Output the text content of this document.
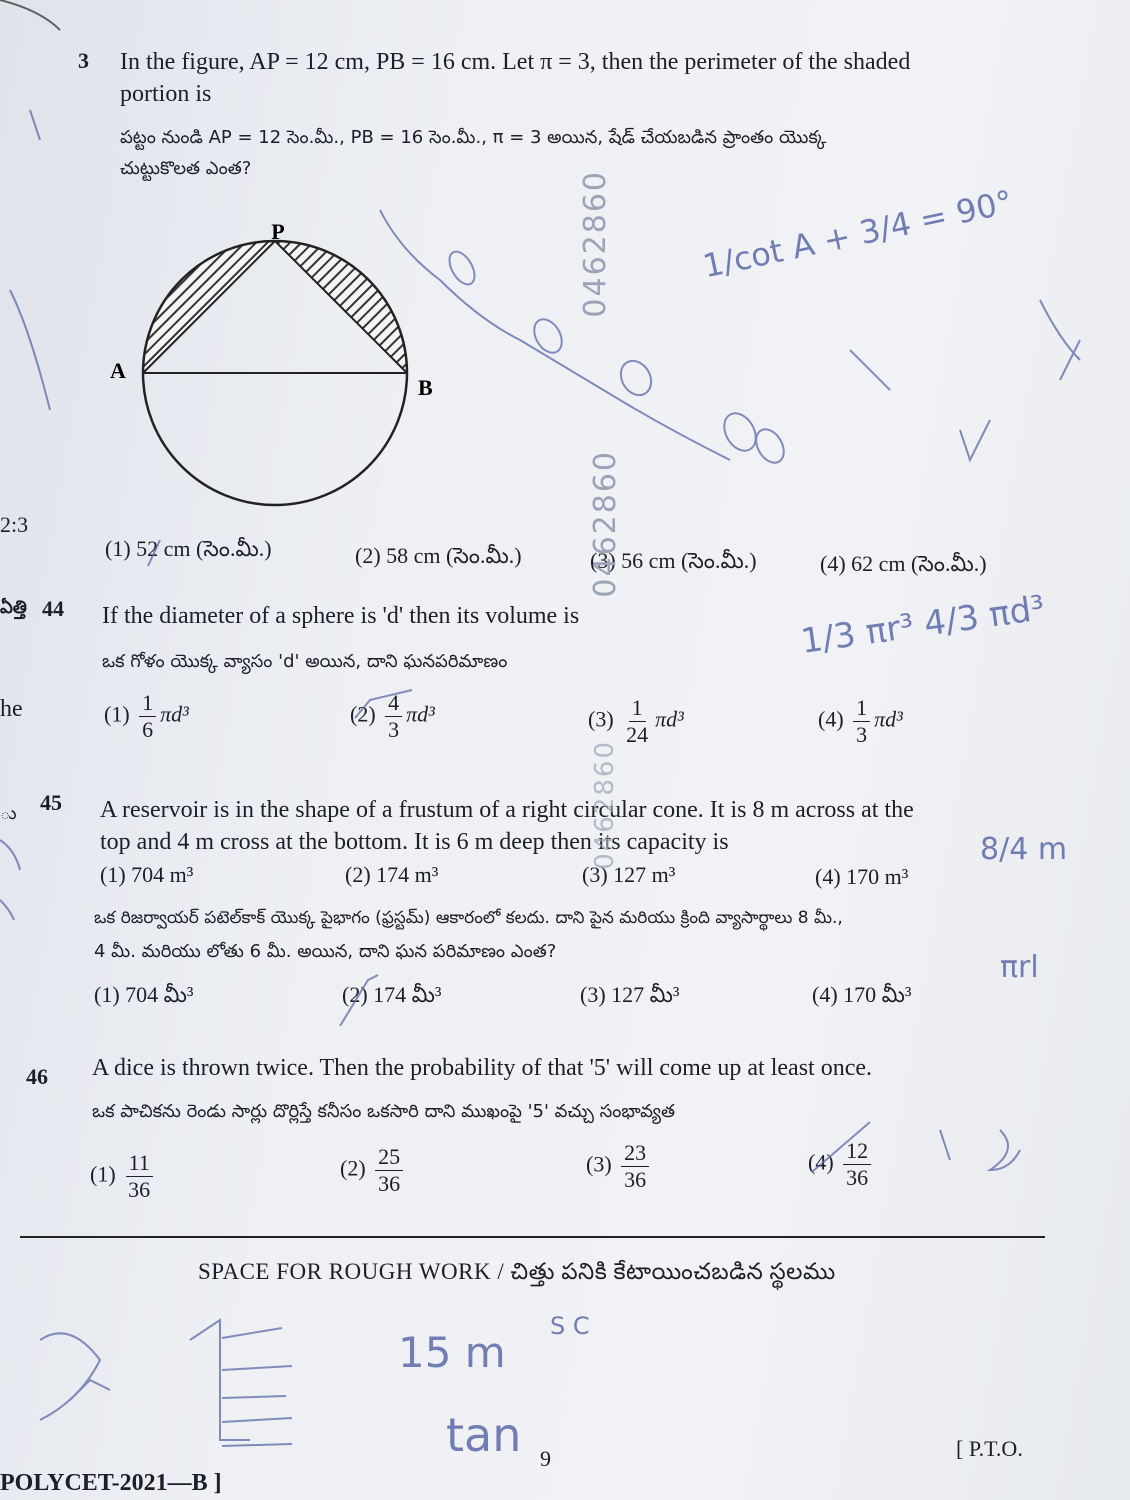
2:3
ఏత్తి
he
ు
3 In the figure, AP = 12 cm, PB = 16 cm. Let π = 3, then the perimeter of the shaded
portion is
పట్టం నుండి AP = 12 సెం.మీ., PB = 16 సెం.మీ., π = 3 అయిన, షేడ్ చేయబడిన ప్రాంతం యొక్క
చుట్టుకొలత ఎంత?
P
A
B
(1) 52 cm (సెం.మీ.)	(2) 58 cm (సెం.మీ.)	(3) 56 cm (సెం.మీ.)	(4) 62 cm (సెం.మీ.)
44 If the diameter of a sphere is 'd' then its volume is
ఒక గోళం యొక్క వ్యాసం 'd' అయిన, దాని ఘనపరిమాణం
$(1) \frac{1}{6} \pi d^3$	$(2) \frac{4}{3} \pi d^3$	$(3) \frac{1}{24} \pi d^3$	$(4) \frac{1}{3} \pi d^3$
45 A reservoir is in the shape of a frustum of a right circular cone. It is 8 m across at the
top and 4 m cross at the bottom. It is 6 m deep then its capacity is
(1) 704 m³	(2) 174 m³	(3) 127 m³	(4) 170 m³
ఒక రిజర్వాయర్ పటెల్‌కాక్ యొక్క పైభాగం (ఫ్రస్టమ్) ఆకారంలో కలదు. దాని పైన మరియు క్రింది వ్యాసార్థాలు 8 మీ.,
4 మీ. మరియు లోతు 6 మీ. అయిన, దాని ఘన పరిమాణం ఎంత?
(1) 704 మీ³	(2) 174 మీ³	(3) 127 మీ³	(4) 170 మీ³
46 A dice is thrown twice. Then the probability of that '5' will come up at least once.
ఒక పాచికను రెండు సార్లు దొర్లిస్తే కనీసం ఒకసారి దాని ముఖంపై '5' వచ్చు సంభావ్యత
$(1) \frac{11}{36}$	$(2) \frac{25}{36}$	$(3) \frac{23}{36}$	$(4) \frac{12}{36}$
SPACE FOR ROUGH WORK / చిత్తు పనికి కేటాయించబడిన స్థలము
9	[ P.T.O.
POLYCET-2021—B ]
0462860
0462860
0462860
1/cot A + 3/4 = 90°
1/3 πr³ 4/3 πd³
8/4 m
πrl
15 m
tan
S C
